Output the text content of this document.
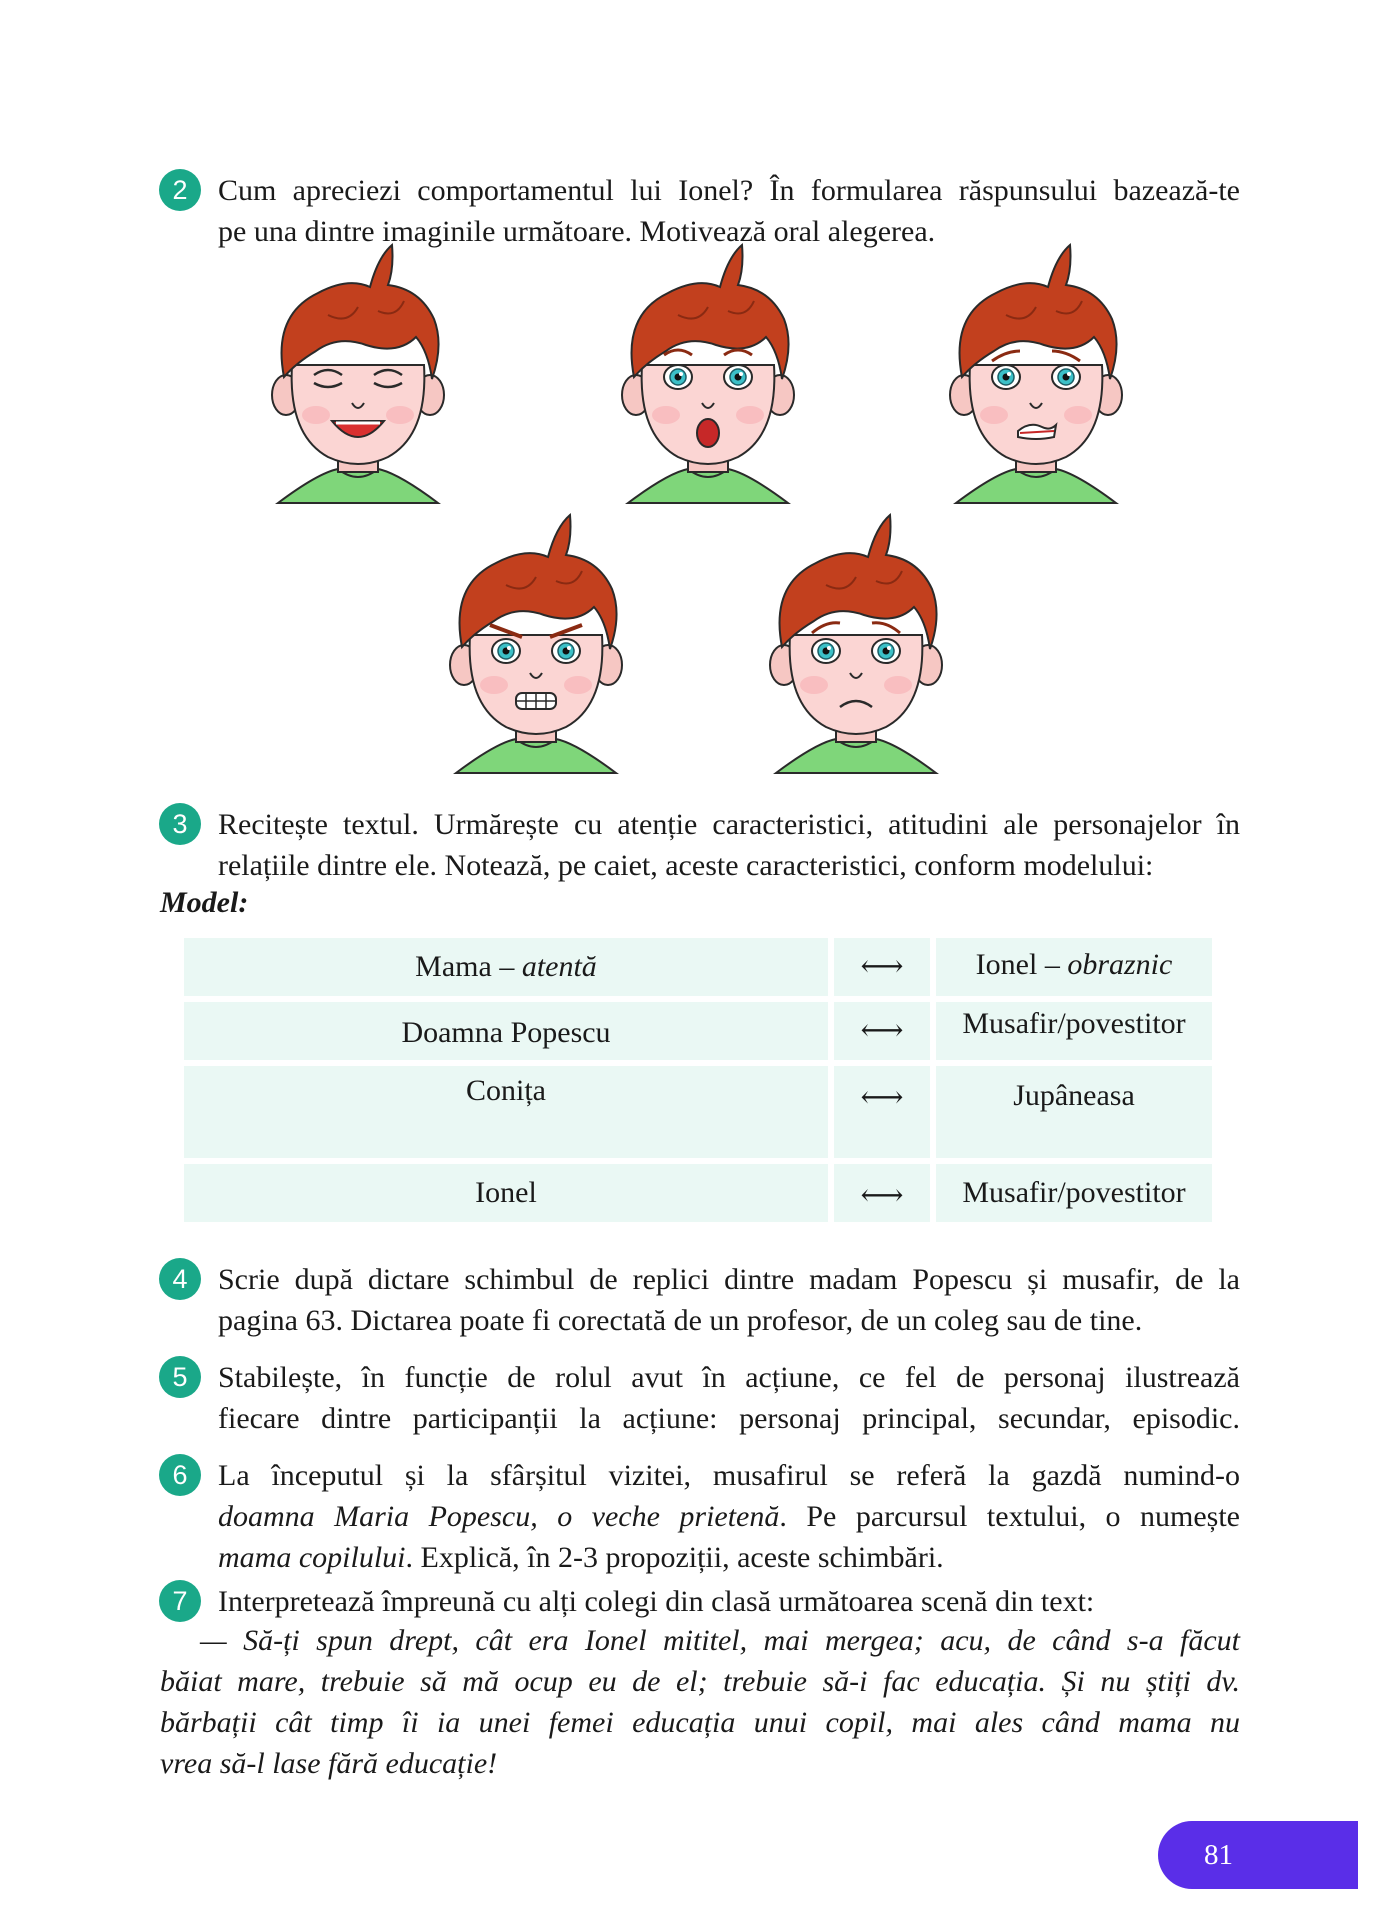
2	Cum apreciezi comportamentul lui Ionel? În formularea răspunsului bazează-te
pe una dintre imaginile următoare. Motivează oral alegerea.
3	Recitește textul. Urmărește cu atenție caracteristici, atitudini ale personajelor în
relațiile dintre ele. Notează, pe caiet, aceste caracteristici, conform modelului:
Model:
Mama – atentă	⟷	Ionel – obraznic
Doamna Popescu	⟷	Musafir/povestitor
Conița	⟷	Jupâneasa
Ionel	⟷	Musafir/povestitor
4	Scrie după dictare schimbul de replici dintre madam Popescu și musafir, de la
pagina 63. Dictarea poate fi corectată de un profesor, de un coleg sau de tine.
5	Stabilește, în funcție de rolul avut în acțiune, ce fel de personaj ilustrează
fiecare dintre participanții la acțiune: personaj principal, secundar, episodic.
6	La începutul și la sfârșitul vizitei, musafirul se referă la gazdă numind-o
doamna Maria Popescu, o veche prietenă. Pe parcursul textului, o numește
mama copilului. Explică, în 2-3 propoziții, aceste schimbări.
7	Interpretează împreună cu alți colegi din clasă următoarea scenă din text:
— Să-ți spun drept, cât era Ionel mititel, mai mergea; acu, de când s-a făcut
băiat mare, trebuie să mă ocup eu de el; trebuie să-i fac educația. Și nu știți dv.
bărbații cât timp îi ia unei femei educația unui copil, mai ales când mama nu
vrea să-l lase fără educație!
81
